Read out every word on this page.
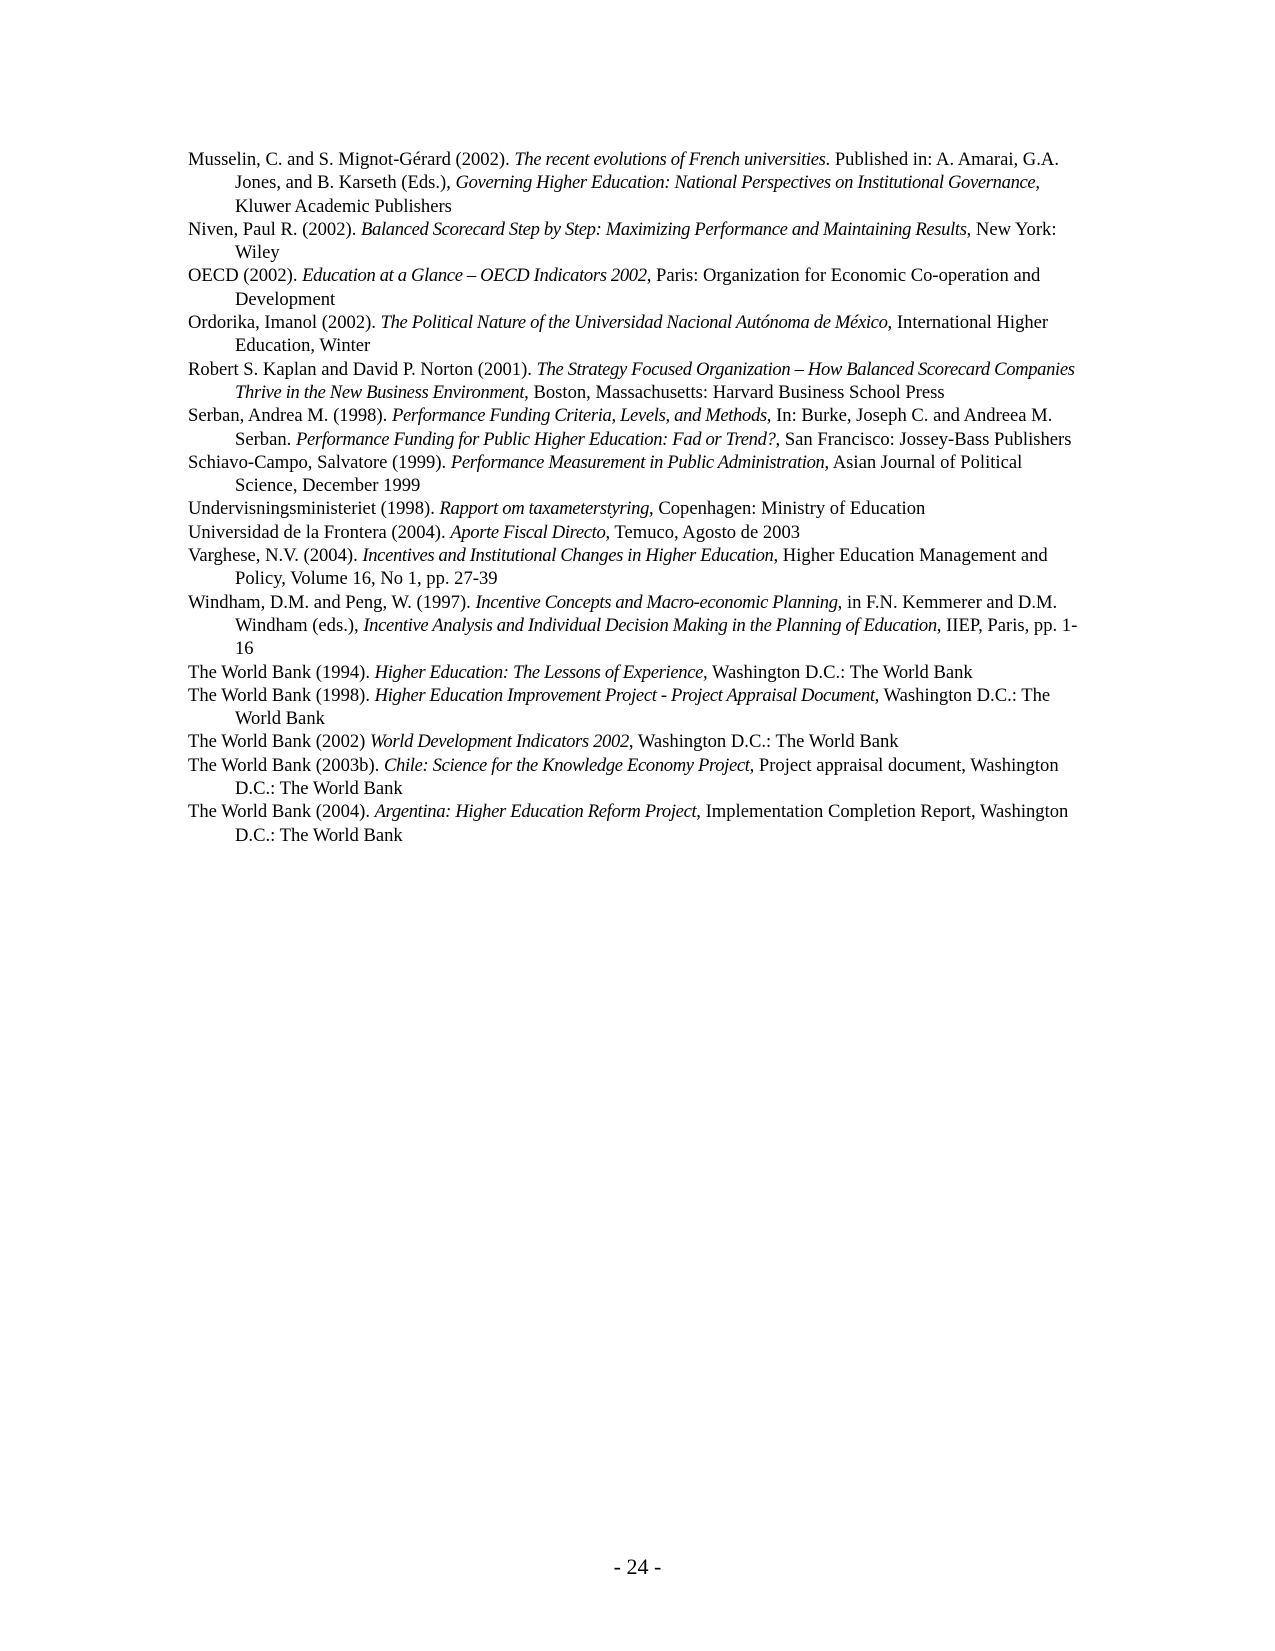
Musselin, C. and S. Mignot-Gérard (2002). The recent evolutions of French universities. Published in: A. Amarai, G.A. Jones, and B. Karseth (Eds.), Governing Higher Education: National Perspectives on Institutional Governance, Kluwer Academic Publishers
Niven, Paul R. (2002). Balanced Scorecard Step by Step: Maximizing Performance and Maintaining Results, New York: Wiley
OECD (2002). Education at a Glance – OECD Indicators 2002, Paris: Organization for Economic Co-operation and Development
Ordorika, Imanol (2002). The Political Nature of the Universidad Nacional Autónoma de México, International Higher Education, Winter
Robert S. Kaplan and David P. Norton (2001). The Strategy Focused Organization – How Balanced Scorecard Companies Thrive in the New Business Environment, Boston, Massachusetts: Harvard Business School Press
Serban, Andrea M. (1998). Performance Funding Criteria, Levels, and Methods, In: Burke, Joseph C. and Andreea M. Serban. Performance Funding for Public Higher Education: Fad or Trend?, San Francisco: Jossey-Bass Publishers
Schiavo-Campo, Salvatore (1999). Performance Measurement in Public Administration, Asian Journal of Political Science, December 1999
Undervisningsministeriet (1998). Rapport om taxameterstyring, Copenhagen: Ministry of Education
Universidad de la Frontera (2004). Aporte Fiscal Directo, Temuco, Agosto de 2003
Varghese, N.V. (2004). Incentives and Institutional Changes in Higher Education, Higher Education Management and Policy, Volume 16, No 1, pp. 27-39
Windham, D.M. and Peng, W. (1997). Incentive Concepts and Macro-economic Planning, in F.N. Kemmerer and D.M. Windham (eds.), Incentive Analysis and Individual Decision Making in the Planning of Education, IIEP, Paris, pp. 1-16
The World Bank (1994). Higher Education: The Lessons of Experience, Washington D.C.: The World Bank
The World Bank (1998). Higher Education Improvement Project - Project Appraisal Document, Washington D.C.: The World Bank
The World Bank (2002) World Development Indicators 2002, Washington D.C.: The World Bank
The World Bank (2003b). Chile: Science for the Knowledge Economy Project, Project appraisal document, Washington D.C.: The World Bank
The World Bank (2004). Argentina: Higher Education Reform Project, Implementation Completion Report, Washington D.C.: The World Bank
- 24 -
